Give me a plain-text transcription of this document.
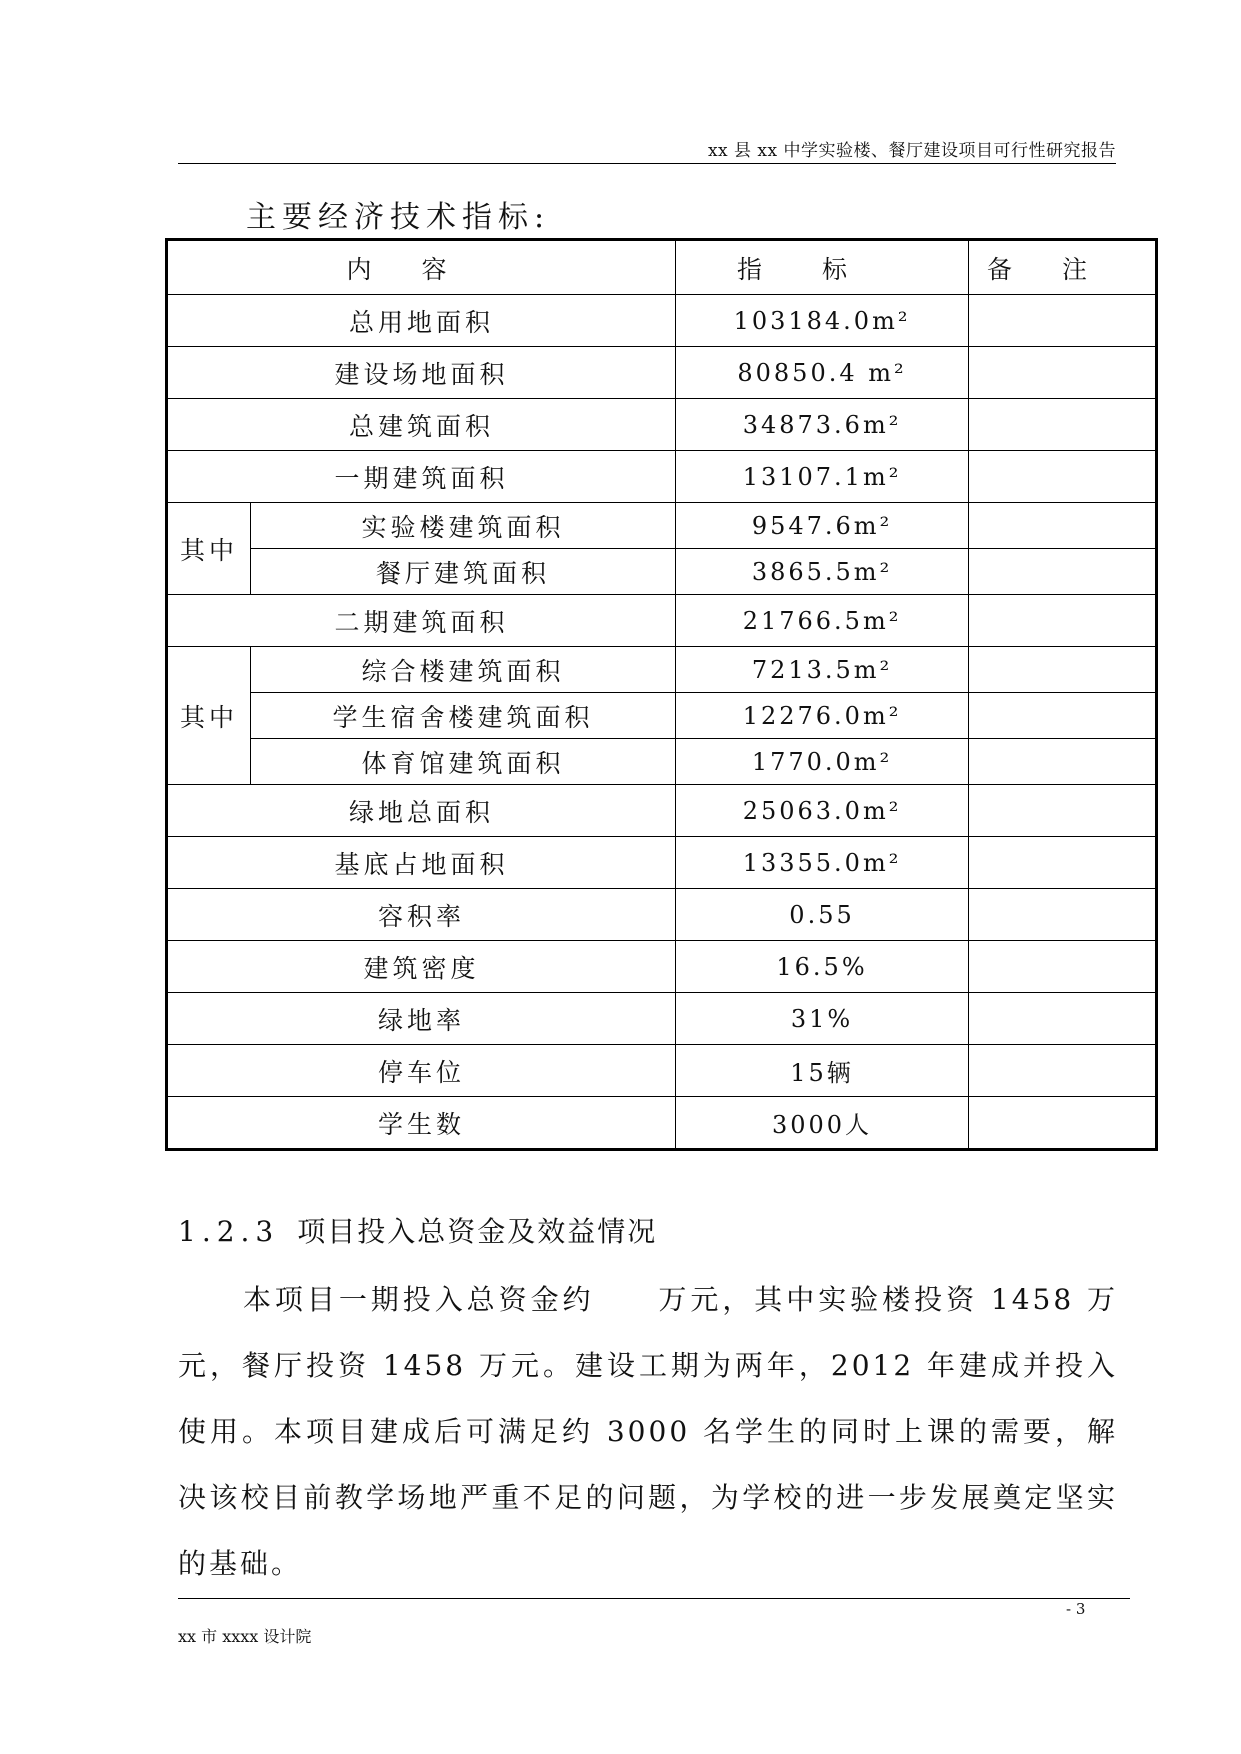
xx 县 xx 中学实验楼、餐厅建设项目可行性研究报告
主要经济技术指标:
内容		指标	备注
总用地面积		103184.0m²	
建设场地面积		80850.4 m²	
总建筑面积		34873.6m²	
一期建筑面积		13107.1m²	
其中	实验楼建筑面积	9547.6m²	
	餐厅建筑面积	3865.5m²	
二期建筑面积		21766.5m²	
其中	综合楼建筑面积	7213.5m²	
	学生宿舍楼建筑面积	12276.0m²	
	体育馆建筑面积	1770.0m²	
绿地总面积		25063.0m²	
基底占地面积		13355.0m²	
容积率		0.55	
建筑密度		16.5%	
绿地率		31%	
停车位		15辆	
学生数		3000人	
1.2.3 项目投入总资金及效益情况
本项目一期投入总资金约　　万元，其中实验楼投资 1458 万元，餐厅投资 1458 万元。建设工期为两年，2012 年建成并投入使用。本项目建成后可满足约 3000 名学生的同时上课的需要，解决该校目前教学场地严重不足的问题，为学校的进一步发展奠定坚实的基础。
- 3
xx 市 xxxx 设计院
